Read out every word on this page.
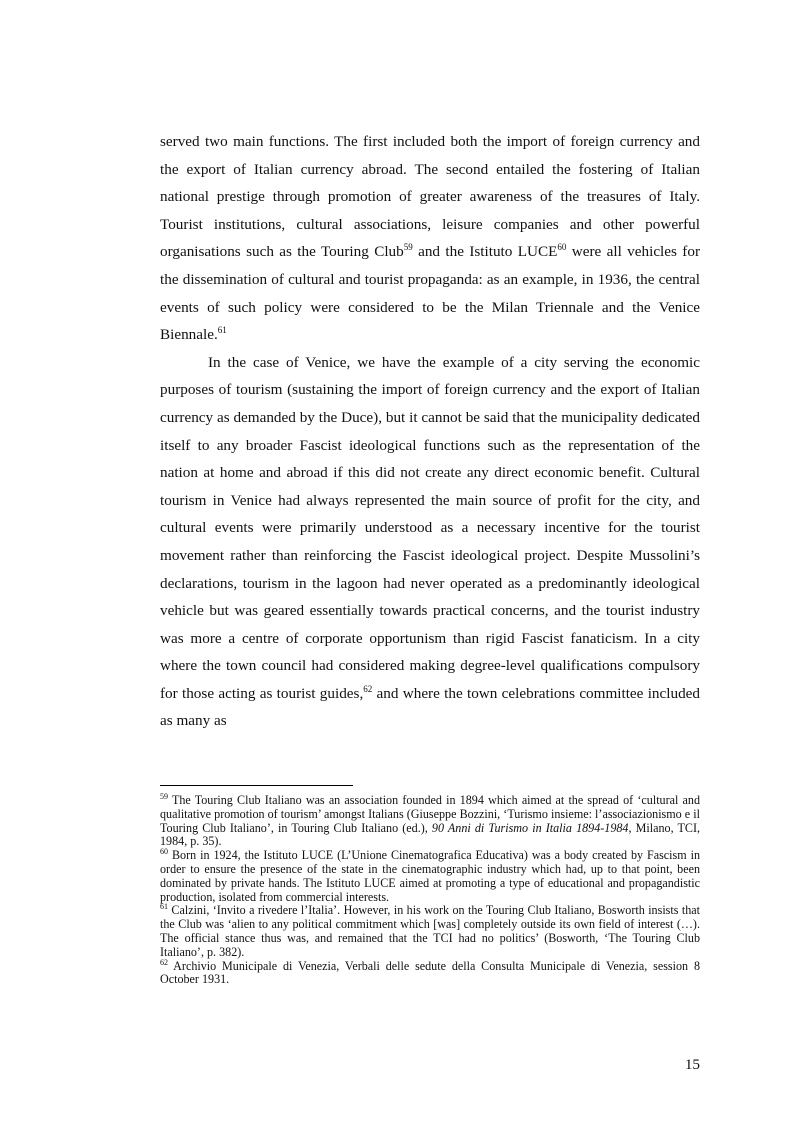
served two main functions. The first included both the import of foreign currency and the export of Italian currency abroad. The second entailed the fostering of Italian national prestige through promotion of greater awareness of the treasures of Italy. Tourist institutions, cultural associations, leisure companies and other powerful organisations such as the Touring Club$^{59}$ and the Istituto LUCE$^{60}$ were all vehicles for the dissemination of cultural and tourist propaganda: as an example, in 1936, the central events of such policy were considered to be the Milan Triennale and the Venice Biennale.$^{61}$

In the case of Venice, we have the example of a city serving the economic purposes of tourism (sustaining the import of foreign currency and the export of Italian currency as demanded by the Duce), but it cannot be said that the municipality dedicated itself to any broader Fascist ideological functions such as the representation of the nation at home and abroad if this did not create any direct economic benefit. Cultural tourism in Venice had always represented the main source of profit for the city, and cultural events were primarily understood as a necessary incentive for the tourist movement rather than reinforcing the Fascist ideological project. Despite Mussolini’s declarations, tourism in the lagoon had never operated as a predominantly ideological vehicle but was geared essentially towards practical concerns, and the tourist industry was more a centre of corporate opportunism than rigid Fascist fanaticism. In a city where the town council had considered making degree-level qualifications compulsory for those acting as tourist guides,$^{62}$ and where the town celebrations committee included as many as

$^{59}$ The Touring Club Italiano was an association founded in 1894 which aimed at the spread of ‘cultural and qualitative promotion of tourism’ amongst Italians (Giuseppe Bozzini, ‘Turismo insieme: l’associazionismo e il Touring Club Italiano’, in Touring Club Italiano (ed.), 90 Anni di Turismo in Italia 1894-1984, Milano, TCI, 1984, p. 35).

$^{60}$ Born in 1924, the Istituto LUCE (L’Unione Cinematografica Educativa) was a body created by Fascism in order to ensure the presence of the state in the cinematographic industry which had, up to that point, been dominated by private hands. The Istituto LUCE aimed at promoting a type of educational and propagandistic production, isolated from commercial interests.

$^{61}$ Calzini, ‘Invito a rivedere l’Italia’. However, in his work on the Touring Club Italiano, Bosworth insists that the Club was ‘alien to any political commitment which [was] completely outside its own field of interest (…). The official stance thus was, and remained that the TCI had no politics’ (Bosworth, ‘The Touring Club Italiano’, p. 382).

$^{62}$ Archivio Municipale di Venezia, Verbali delle sedute della Consulta Municipale di Venezia, session 8 October 1931.

15
